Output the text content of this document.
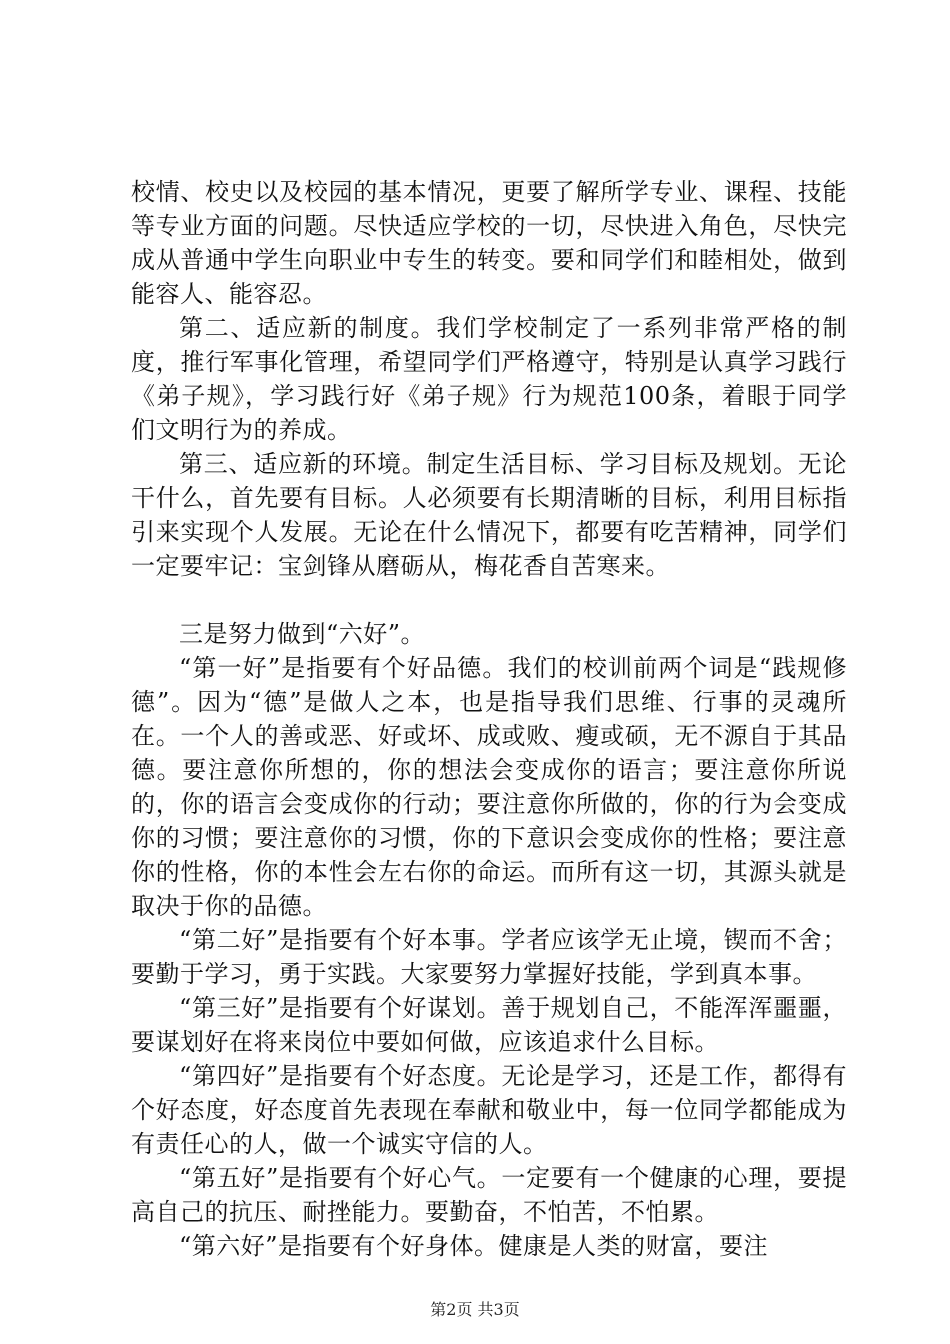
校情、校史以及校园的基本情况，更要了解所学专业、课程、技能等专业方面的问题。尽快适应学校的一切，尽快进入角色，尽快完成从普通中学生向职业中专生的转变。要和同学们和睦相处，做到能容人、能容忍。

第二、适应新的制度。我们学校制定了一系列非常严格的制度，推行军事化管理，希望同学们严格遵守，特别是认真学习践行《弟子规》，学习践行好《弟子规》行为规范100条，着眼于同学们文明行为的养成。

第三、适应新的环境。制定生活目标、学习目标及规划。无论干什么，首先要有目标。人必须要有长期清晰的目标，利用目标指引来实现个人发展。无论在什么情况下，都要有吃苦精神，同学们一定要牢记：宝剑锋从磨砺从，梅花香自苦寒来。

三是努力做到“六好”。

“第一好”是指要有个好品德。我们的校训前两个词是“践规修德”。因为“德”是做人之本，也是指导我们思维、行事的灵魂所在。一个人的善或恶、好或坏、成或败、瘦或硕，无不源自于其品德。要注意你所想的，你的想法会变成你的语言；要注意你所说的，你的语言会变成你的行动；要注意你所做的，你的行为会变成你的习惯；要注意你的习惯，你的下意识会变成你的性格；要注意你的性格，你的本性会左右你的命运。而所有这一切，其源头就是取决于你的品德。

“第二好”是指要有个好本事。学者应该学无止境，锲而不舍；要勤于学习，勇于实践。大家要努力掌握好技能，学到真本事。

“第三好”是指要有个好谋划。善于规划自己，不能浑浑噩噩，要谋划好在将来岗位中要如何做，应该追求什么目标。

“第四好”是指要有个好态度。无论是学习，还是工作，都得有个好态度，好态度首先表现在奉献和敬业中，每一位同学都能成为有责任心的人，做一个诚实守信的人。

“第五好”是指要有个好心气。一定要有一个健康的心理，要提高自己的抗压、耐挫能力。要勤奋，不怕苦，不怕累。

“第六好”是指要有个好身体。健康是人类的财富，要注

第2页 共3页
